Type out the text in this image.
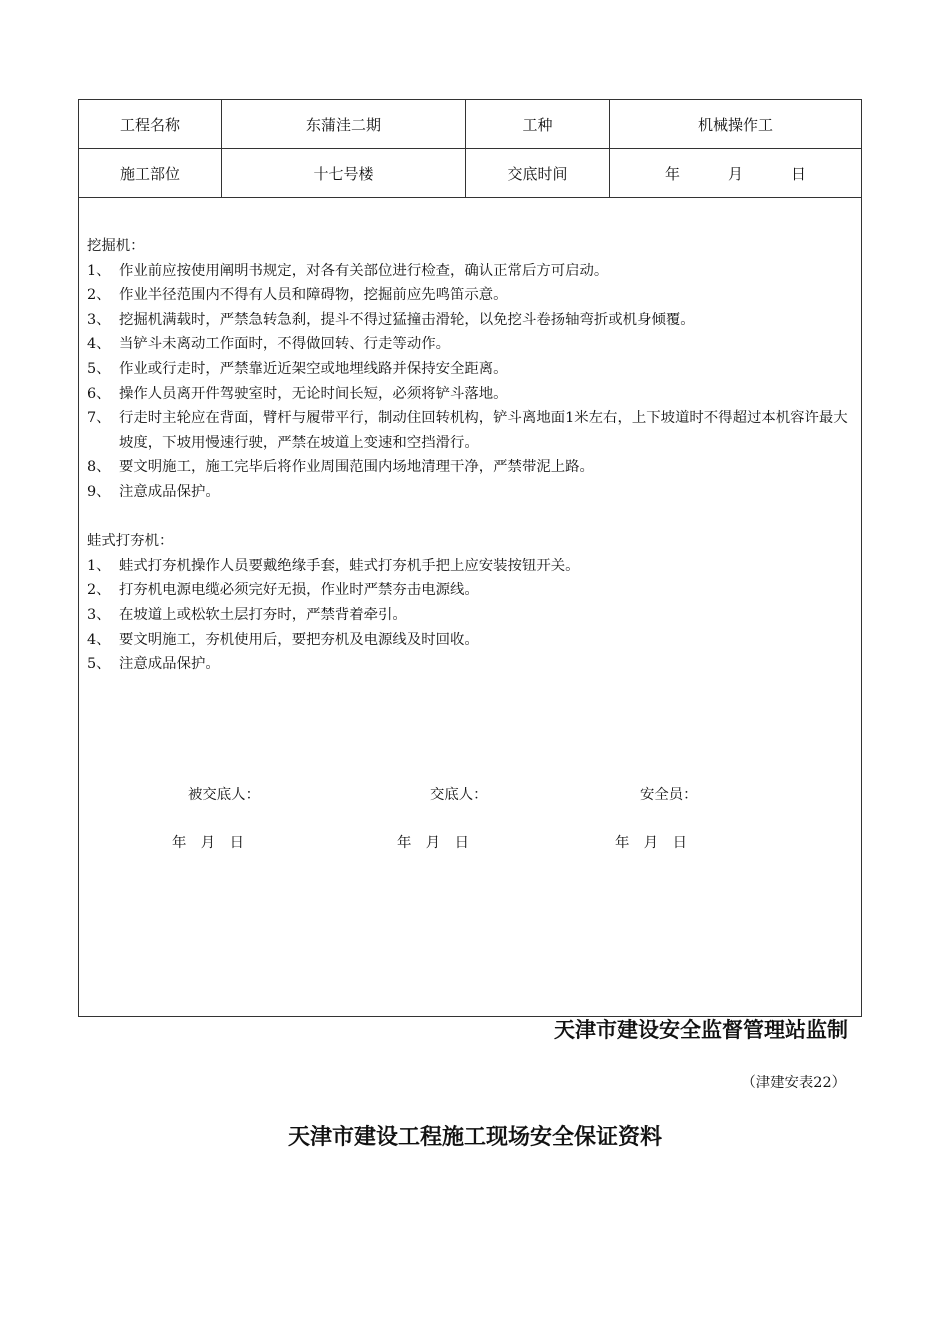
工程名称	东蒲洼二期	工种	机械操作工
施工部位	十七号楼	交底时间	年	月	日

挖掘机：

1、 作业前应按使用阐明书规定，对各有关部位进行检查，确认正常后方可启动。
2、 作业半径范围内不得有人员和障碍物，挖掘前应先鸣笛示意。
3、 挖掘机满载时，严禁急转急刹，提斗不得过猛撞击滑轮，以免挖斗卷扬轴弯折或机身倾覆。
4、 当铲斗未离动工作面时，不得做回转、行走等动作。
5、 作业或行走时，严禁靠近近架空或地埋线路并保持安全距离。
6、 操作人员离开件驾驶室时，无论时间长短，必须将铲斗落地。
7、 行走时主轮应在背面，臂杆与履带平行，制动住回转机构，铲斗离地面1米左右，上下坡道时不得超过本机容许最大坡度，下坡用慢速行驶，严禁在坡道上变速和空挡滑行。
8、 要文明施工，施工完毕后将作业周围范围内场地清理干净，严禁带泥上路。
9、 注意成品保护。

蛙式打夯机：

1、 蛙式打夯机操作人员要戴绝缘手套，蛙式打夯机手把上应安装按钮开关。
2、 打夯机电源电缆必须完好无损，作业时严禁夯击电源线。
3、 在坡道上或松软土层打夯时，严禁背着牵引。
4、 要文明施工，夯机使用后，要把夯机及电源线及时回收。
5、 注意成品保护。
被交底人：	交底人：	安全员：
年　月　日	年　月　日	年　月　日
天津市建设安全监督管理站监制
（津建安表22）
天津市建设工程施工现场安全保证资料
